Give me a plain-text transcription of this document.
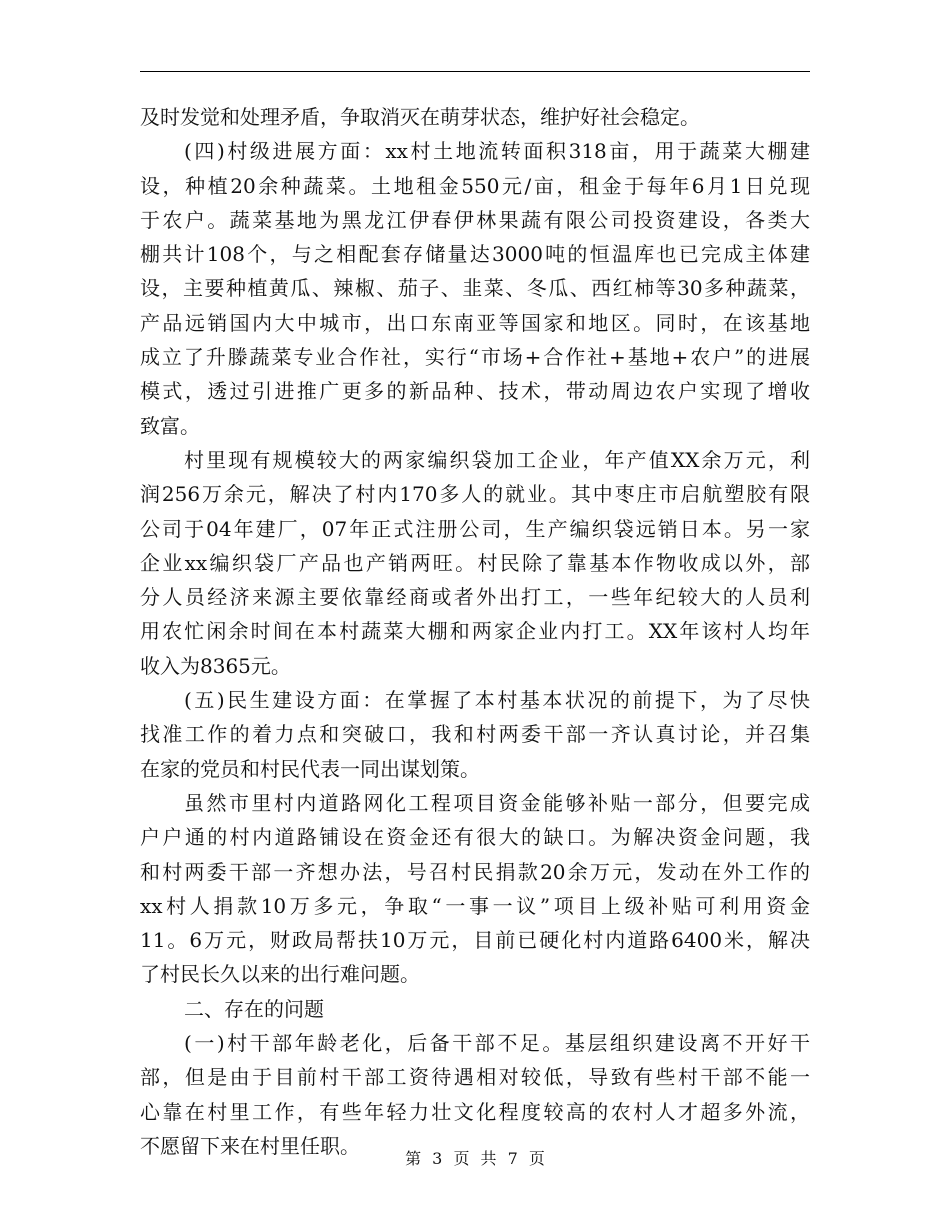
及时发觉和处理矛盾，争取消灭在萌芽状态，维护好社会稳定。
(四)村级进展方面：xx村土地流转面积318亩，用于蔬菜大棚建
设，种植20余种蔬菜。土地租金550元/亩，租金于每年6月1日兑现
于农户。蔬菜基地为黑龙江伊春伊林果蔬有限公司投资建设，各类大
棚共计108个，与之相配套存储量达3000吨的恒温库也已完成主体建
设，主要种植黄瓜、辣椒、茄子、韭菜、冬瓜、西红柿等30多种蔬菜，
产品远销国内大中城市，出口东南亚等国家和地区。同时，在该基地
成立了升滕蔬菜专业合作社，实行“市场+合作社+基地+农户”的进展
模式，透过引进推广更多的新品种、技术，带动周边农户实现了增收
致富。
村里现有规模较大的两家编织袋加工企业，年产值XX余万元，利
润256万余元，解决了村内170多人的就业。其中枣庄市启航塑胶有限
公司于04年建厂，07年正式注册公司，生产编织袋远销日本。另一家
企业xx编织袋厂产品也产销两旺。村民除了靠基本作物收成以外，部
分人员经济来源主要依靠经商或者外出打工，一些年纪较大的人员利
用农忙闲余时间在本村蔬菜大棚和两家企业内打工。XX年该村人均年
收入为8365元。
(五)民生建设方面：在掌握了本村基本状况的前提下，为了尽快
找准工作的着力点和突破口，我和村两委干部一齐认真讨论，并召集
在家的党员和村民代表一同出谋划策。
虽然市里村内道路网化工程项目资金能够补贴一部分，但要完成
户户通的村内道路铺设在资金还有很大的缺口。为解决资金问题，我
和村两委干部一齐想办法，号召村民捐款20余万元，发动在外工作的
xx村人捐款10万多元，争取“一事一议”项目上级补贴可利用资金
11。6万元，财政局帮扶10万元，目前已硬化村内道路6400米，解决
了村民长久以来的出行难问题。
二、存在的问题
(一)村干部年龄老化，后备干部不足。基层组织建设离不开好干
部，但是由于目前村干部工资待遇相对较低，导致有些村干部不能一
心靠在村里工作，有些年轻力壮文化程度较高的农村人才超多外流，
不愿留下来在村里任职。
第 3 页 共 7 页
